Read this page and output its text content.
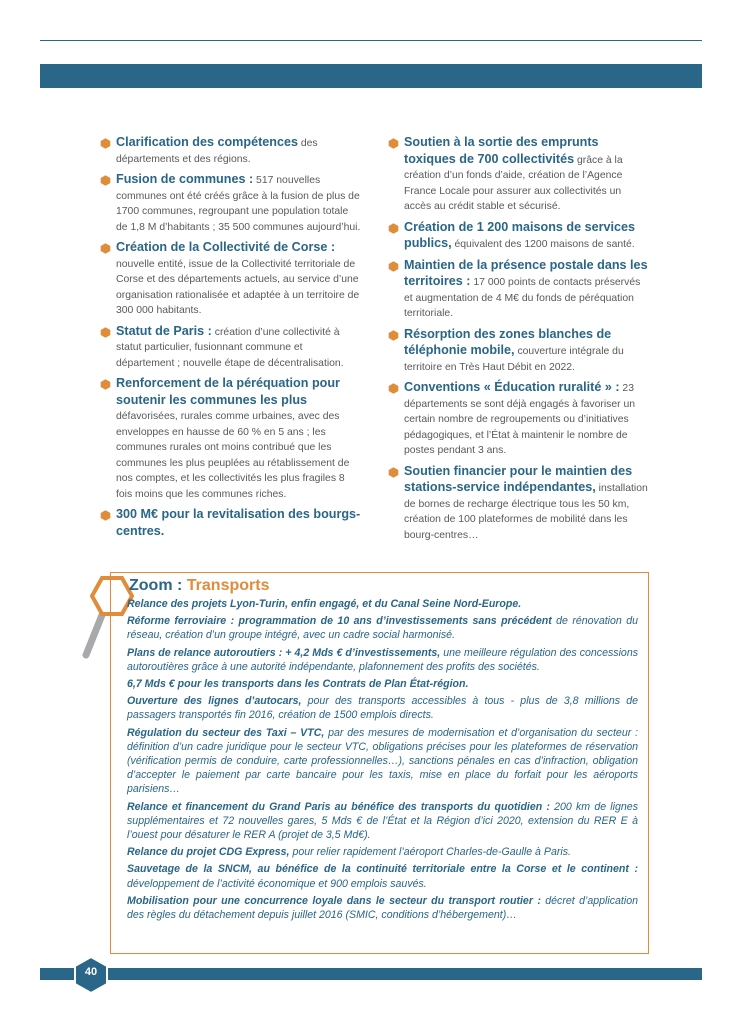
Clarification des compétences des départements et des régions.
Fusion de communes : 517 nouvelles communes ont été créés grâce à la fusion de plus de 1700 communes, regroupant une population totale de 1,8 M d’habitants ; 35 500 communes aujourd’hui.
Création de la Collectivité de Corse : nouvelle entité, issue de la Collectivité territoriale de Corse et des départements actuels, au service d’une organisation rationalisée et adaptée à un territoire de 300 000 habitants.
Statut de Paris : création d’une collectivité à statut particulier, fusionnant commune et département ; nouvelle étape de décentralisation.
Renforcement de la péréquation pour soutenir les communes les plus défavorisées, rurales comme urbaines, avec des enveloppes en hausse de 60 % en 5 ans ; les communes rurales ont moins contribué que les communes les plus peuplées au rétablissement de nos comptes, et les collectivités les plus fragiles 8 fois moins que les communes riches.
300 M€ pour la revitalisation des bourgs-centres.
Soutien à la sortie des emprunts toxiques de 700 collectivités grâce à la création d’un fonds d’aide, création de l’Agence France Locale pour assurer aux collectivités un accès au crédit stable et sécurisé.
Création de 1 200 maisons de services publics, équivalent des 1200 maisons de santé.
Maintien de la présence postale dans les territoires : 17 000 points de contacts préservés et augmentation de 4 M€ du fonds de péréquation territoriale.
Résorption des zones blanches de téléphonie mobile, couverture intégrale du territoire en Très Haut Débit en 2022.
Conventions « Éducation ruralité » : 23 départements se sont déjà engagés à favoriser un certain nombre de regroupements ou d’initiatives pédagogiques, et l’État à maintenir le nombre de postes pendant 3 ans.
Soutien financier pour le maintien des stations-service indépendantes, installation de bornes de recharge électrique tous les 50 km, création de 100 plateformes de mobilité dans les bourg-centres…
Zoom : Transports

Relance des projets Lyon-Turin, enfin engagé, et du Canal Seine Nord-Europe.

Réforme ferroviaire : programmation de 10 ans d’investissements sans précédent de rénovation du réseau, création d’un groupe intégré, avec un cadre social harmonisé.

Plans de relance autoroutiers : + 4,2 Mds € d’investissements, une meilleure régulation des concessions autoroutières grâce à une autorité indépendante, plafonnement des profits des sociétés.

6,7 Mds € pour les transports dans les Contrats de Plan État-région.

Ouverture des lignes d’autocars, pour des transports accessibles à tous - plus de 3,8 millions de passagers transportés fin 2016, création de 1500 emplois directs.

Régulation du secteur des Taxi – VTC, par des mesures de modernisation et d’organisation du secteur : définition d’un cadre juridique pour le secteur VTC, obligations précises pour les plateformes de réservation (vérification permis de conduire, carte professionnelles…), sanctions pénales en cas d’infraction, obligation d’accepter le paiement par carte bancaire pour les taxis, mise en place du forfait pour les aéroports parisiens…

Relance et financement du Grand Paris au bénéfice des transports du quotidien : 200 km de lignes supplémentaires et 72 nouvelles gares, 5 Mds € de l’État et la Région d’ici 2020, extension du RER E à l’ouest pour désaturer le RER A (projet de 3,5 Md€).

Relance du projet CDG Express, pour relier rapidement l’aéroport Charles-de-Gaulle à Paris.

Sauvetage de la SNCM, au bénéfice de la continuité territoriale entre la Corse et le continent : développement de l’activité économique et 900 emplois sauvés.

Mobilisation pour une concurrence loyale dans le secteur du transport routier : décret d’application des règles du détachement depuis juillet 2016 (SMIC, conditions d’hébergement)…

40
